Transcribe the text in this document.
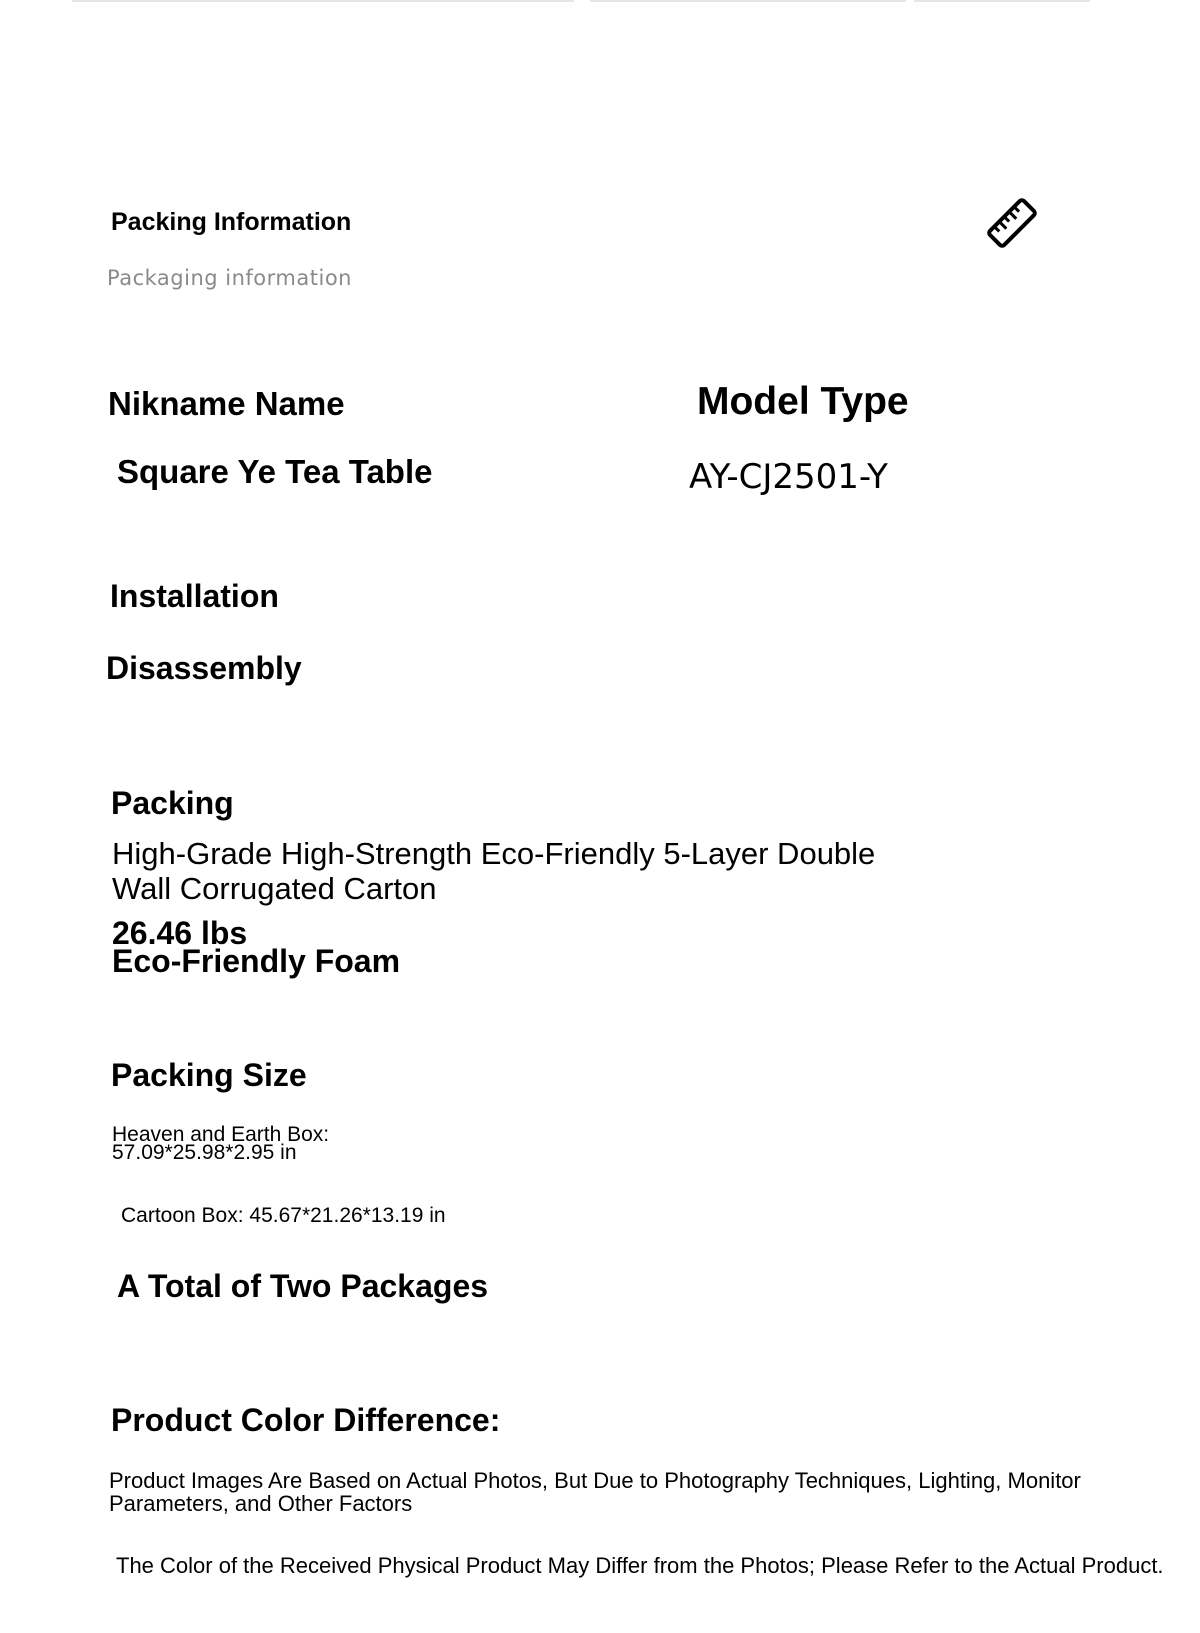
Packing Information
Packaging information
Nikname Name	Model Type
Square Ye Tea Table	AY-CJ2501-Y
Installation
Disassembly
Packing
High-Grade High-Strength Eco-Friendly 5-Layer Double Wall Corrugated Carton
26.46 lbs
Eco-Friendly Foam
Packing Size
Heaven and Earth Box:
57.09*25.98*2.95 in
Cartoon Box: 45.67*21.26*13.19 in
A Total of Two Packages
Product Color Difference:
Product Images Are Based on Actual Photos, But Due to Photography Techniques, Lighting, Monitor Parameters, and Other Factors
The Color of the Received Physical Product May Differ from the Photos; Please Refer to the Actual Product.
